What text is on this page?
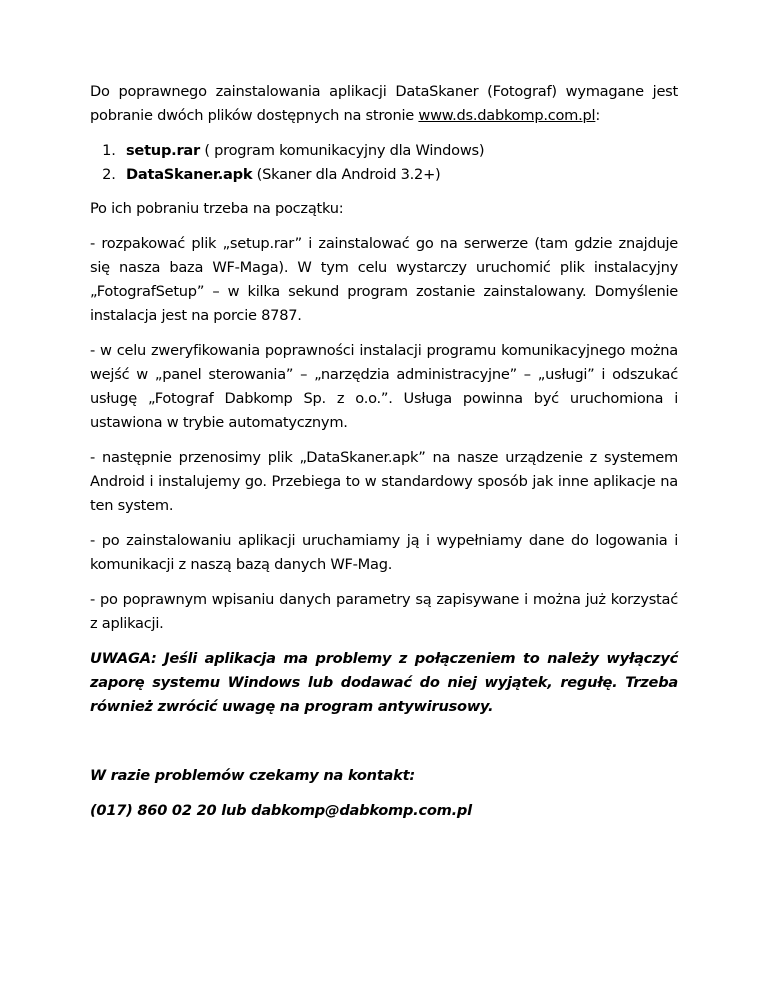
Do poprawnego zainstalowania aplikacji DataSkaner (Fotograf) wymagane jest pobranie dwóch plików dostępnych na stronie www.ds.dabkomp.com.pl:

1. setup.rar ( program komunikacyjny dla Windows)
2. DataSkaner.apk (Skaner dla Android 3.2+)

Po ich pobraniu trzeba na początku:

- rozpakować plik „setup.rar” i zainstalować go na serwerze (tam gdzie znajduje się nasza baza WF-Maga). W tym celu wystarczy uruchomić plik instalacyjny „FotografSetup” – w kilka sekund program zostanie zainstalowany. Domyślenie instalacja jest na porcie 8787.

- w celu zweryfikowania poprawności instalacji programu komunikacyjnego można wejść w „panel sterowania” – „narzędzia administracyjne” – „usługi” i odszukać usługę „Fotograf Dabkomp Sp. z o.o.”. Usługa powinna być uruchomiona i ustawiona w trybie automatycznym.

- następnie przenosimy plik „DataSkaner.apk” na nasze urządzenie z systemem Android i instalujemy go. Przebiega to w standardowy sposób jak inne aplikacje na ten system.

- po zainstalowaniu aplikacji uruchamiamy ją i wypełniamy dane do logowania i komunikacji z naszą bazą danych WF-Mag.

- po poprawnym wpisaniu danych parametry są zapisywane i można już korzystać z aplikacji.

UWAGA: Jeśli aplikacja ma problemy z połączeniem to należy wyłączyć zaporę systemu Windows lub dodawać do niej wyjątek, regułę. Trzeba również zwrócić uwagę na program antywirusowy.

W razie problemów czekamy na kontakt:

(017) 860 02 20 lub dabkomp@dabkomp.com.pl
